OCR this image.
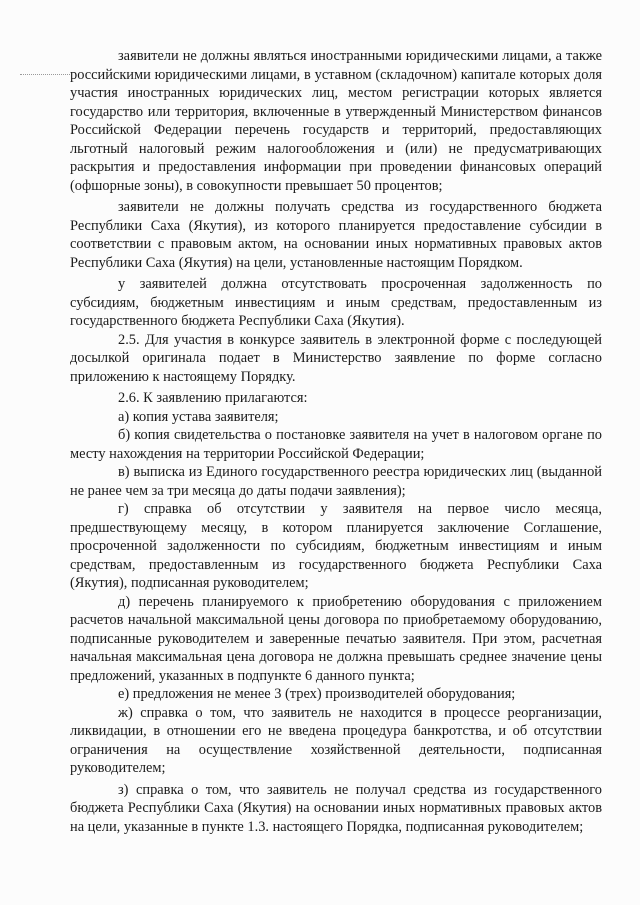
заявители не должны являться иностранными юридическими лицами, а также российскими юридическими лицами, в уставном (складочном) капитале которых доля участия иностранных юридических лиц, местом регистрации которых является государство или территория, включенные в утвержденный Министерством финансов Российской Федерации перечень государств и территорий, предоставляющих льготный налоговый режим налогообложения и (или) не предусматривающих раскрытия и предоставления информации при проведении финансовых операций (офшорные зоны), в совокупности превышает 50 процентов;

заявители не должны получать средства из государственного бюджета Республики Саха (Якутия), из которого планируется предоставление субсидии в соответствии с правовым актом, на основании иных нормативных правовых актов Республики Саха (Якутия) на цели, установленные настоящим Порядком.

у заявителей должна отсутствовать просроченная задолженность по субсидиям, бюджетным инвестициям и иным средствам, предоставленным из государственного бюджета Республики Саха (Якутия).

2.5. Для участия в конкурсе заявитель в электронной форме с последующей досылкой оригинала подает в Министерство заявление по форме согласно приложению к настоящему Порядку.

2.6. К заявлению прилагаются:

а) копия устава заявителя;

б) копия свидетельства о постановке заявителя на учет в налоговом органе по месту нахождения на территории Российской Федерации;

в) выписка из Единого государственного реестра юридических лиц (выданной не ранее чем за три месяца до даты подачи заявления);

г) справка об отсутствии у заявителя на первое число месяца, предшествующему месяцу, в котором планируется заключение Соглашение, просроченной задолженности по субсидиям, бюджетным инвестициям и иным средствам, предоставленным из государственного бюджета Республики Саха (Якутия), подписанная руководителем;

д) перечень планируемого к приобретению оборудования с приложением расчетов начальной максимальной цены договора по приобретаемому оборудованию, подписанные руководителем и заверенные печатью заявителя. При этом, расчетная начальная максимальная цена договора не должна превышать среднее значение цены предложений, указанных в подпункте 6 данного пункта;

е) предложения не менее 3 (трех) производителей оборудования;

ж) справка о том, что заявитель не находится в процессе реорганизации, ликвидации, в отношении его не введена процедура банкротства, и об отсутствии ограничения на осуществление хозяйственной деятельности, подписанная руководителем;

з) справка о том, что заявитель не получал средства из государственного бюджета Республики Саха (Якутия) на основании иных нормативных правовых актов на цели, указанные в пункте 1.3. настоящего Порядка, подписанная руководителем;
